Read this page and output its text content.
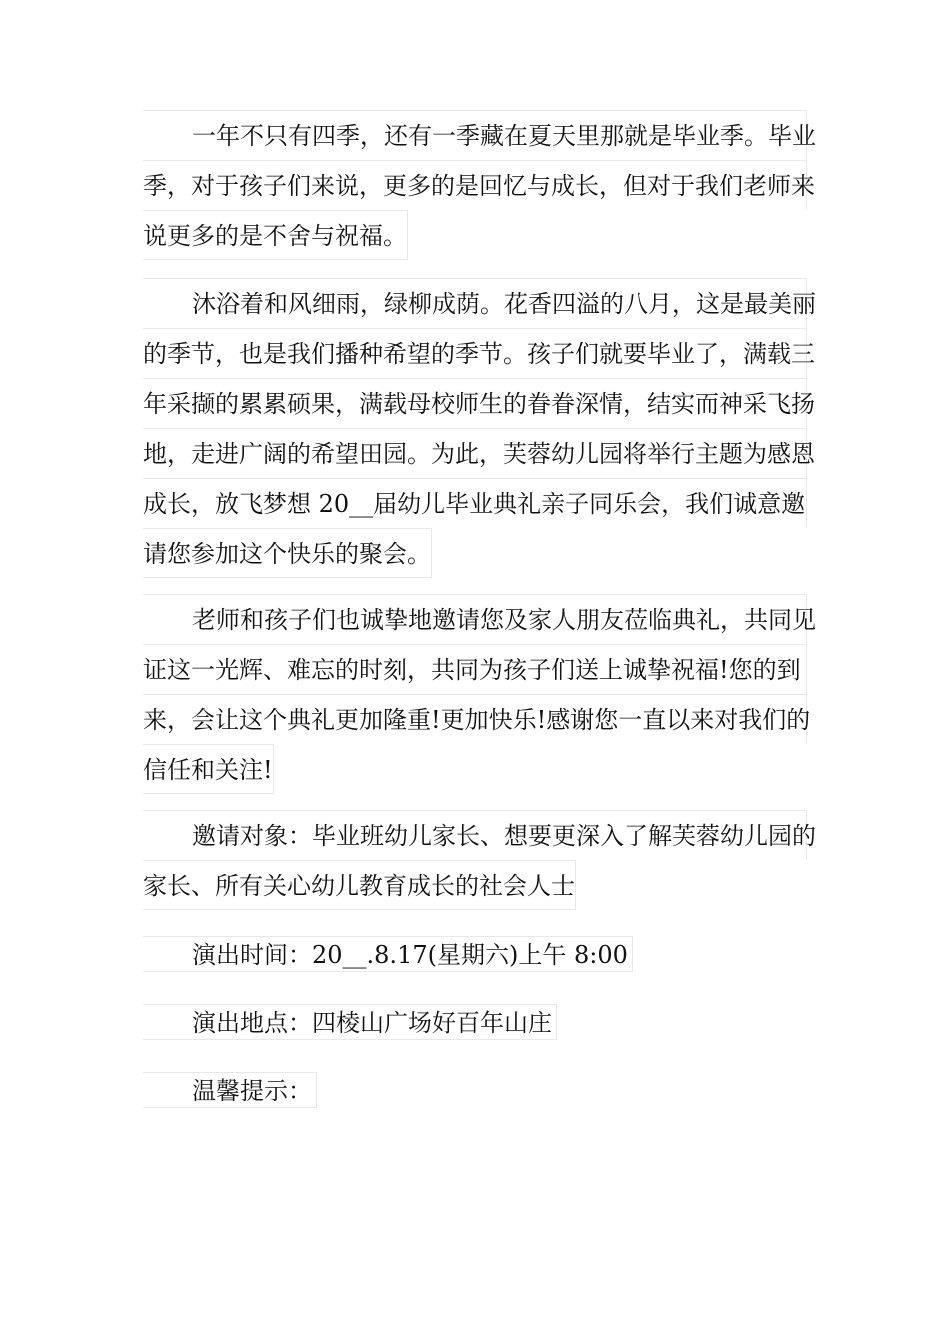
一年不只有四季，还有一季藏在夏天里那就是毕业季。毕业
季，对于孩子们来说，更多的是回忆与成长，但对于我们老师来
说更多的是不舍与祝福。
沐浴着和风细雨，绿柳成荫。花香四溢的八月，这是最美丽
的季节，也是我们播种希望的季节。孩子们就要毕业了，满载三
年采撷的累累硕果，满载母校师生的眷眷深情，结实而神采飞扬
地，走进广阔的希望田园。为此，芙蓉幼儿园将举行主题为感恩
成长，放飞梦想 20__届幼儿毕业典礼亲子同乐会，我们诚意邀
请您参加这个快乐的聚会。
老师和孩子们也诚挚地邀请您及家人朋友莅临典礼，共同见
证这一光辉、难忘的时刻，共同为孩子们送上诚挚祝福!您的到
来，会让这个典礼更加隆重!更加快乐!感谢您一直以来对我们的
信任和关注!
邀请对象：毕业班幼儿家长、想要更深入了解芙蓉幼儿园的
家长、所有关心幼儿教育成长的社会人士
演出时间：20__.8.17(星期六)上午 8:00
演出地点：四棱山广场好百年山庄
温馨提示：
